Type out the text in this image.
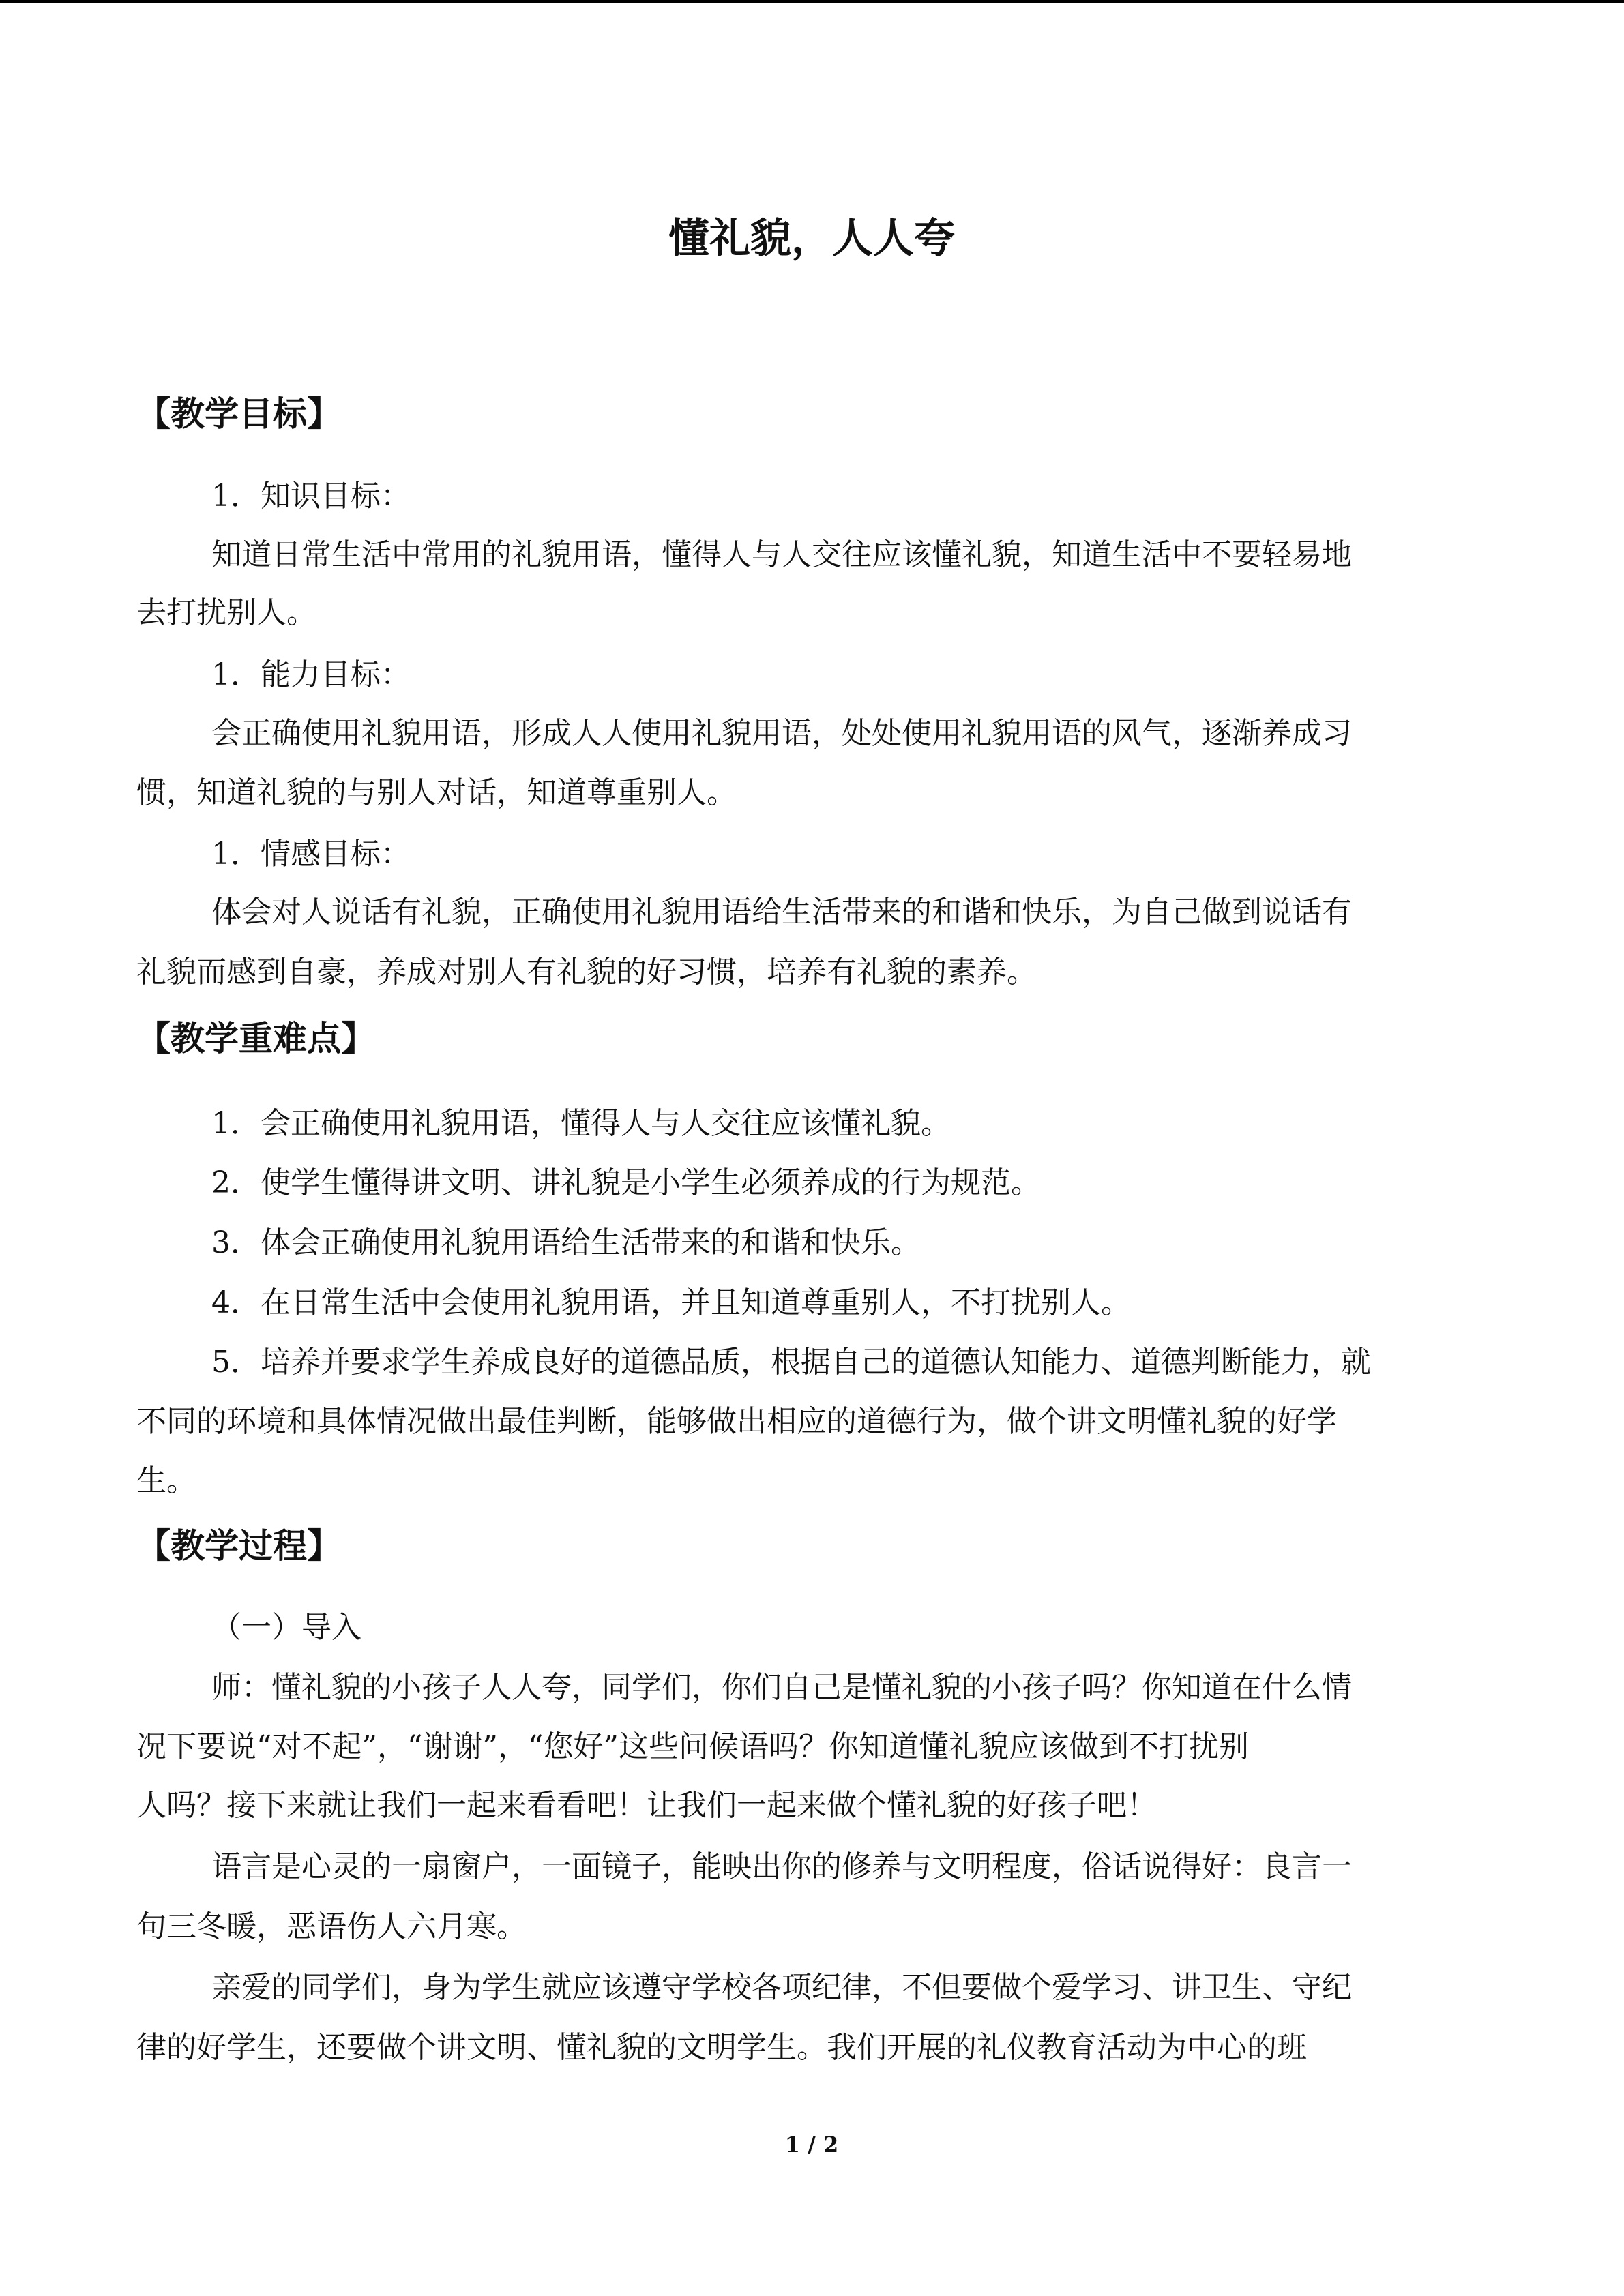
懂礼貌，人人夸
【教学目标】
1．知识目标：
知道日常生活中常用的礼貌用语，懂得人与人交往应该懂礼貌，知道生活中不要轻易地
去打扰别人。
1．能力目标：
会正确使用礼貌用语，形成人人使用礼貌用语，处处使用礼貌用语的风气，逐渐养成习
惯，知道礼貌的与别人对话，知道尊重别人。
1．情感目标：
体会对人说话有礼貌，正确使用礼貌用语给生活带来的和谐和快乐，为自己做到说话有
礼貌而感到自豪，养成对别人有礼貌的好习惯，培养有礼貌的素养。
【教学重难点】
1．会正确使用礼貌用语，懂得人与人交往应该懂礼貌。
2．使学生懂得讲文明、讲礼貌是小学生必须养成的行为规范。
3．体会正确使用礼貌用语给生活带来的和谐和快乐。
4．在日常生活中会使用礼貌用语，并且知道尊重别人，不打扰别人。
5．培养并要求学生养成良好的道德品质，根据自己的道德认知能力、道德判断能力，就
不同的环境和具体情况做出最佳判断，能够做出相应的道德行为，做个讲文明懂礼貌的好学
生。
【教学过程】
（一）导入
师：懂礼貌的小孩子人人夸，同学们，你们自己是懂礼貌的小孩子吗？你知道在什么情
况下要说“对不起”，“谢谢”，“您好”这些问候语吗？你知道懂礼貌应该做到不打扰别
人吗？接下来就让我们一起来看看吧！让我们一起来做个懂礼貌的好孩子吧！
语言是心灵的一扇窗户，一面镜子，能映出你的修养与文明程度，俗话说得好：良言一
句三冬暖，恶语伤人六月寒。
亲爱的同学们，身为学生就应该遵守学校各项纪律，不但要做个爱学习、讲卫生、守纪
律的好学生，还要做个讲文明、懂礼貌的文明学生。我们开展的礼仪教育活动为中心的班
1 / 2
